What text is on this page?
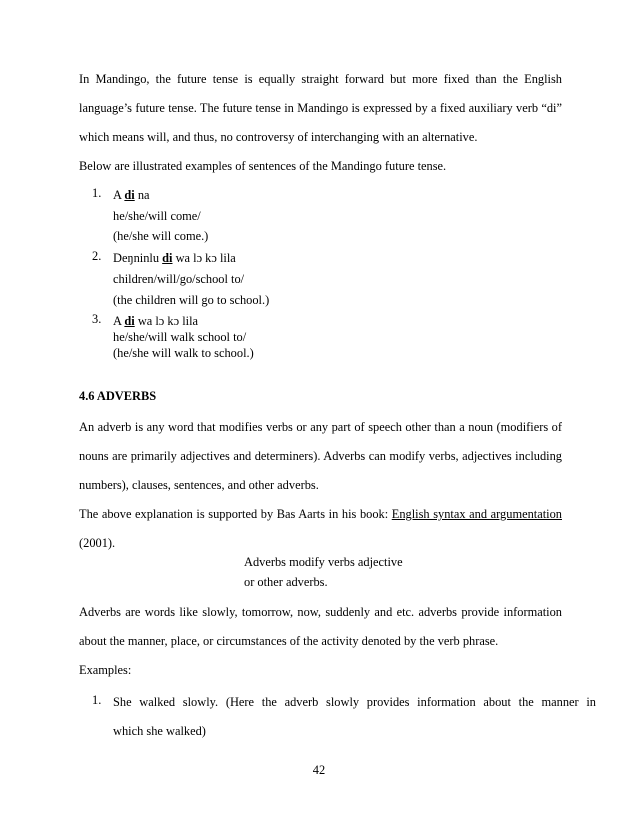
In Mandingo, the future tense is equally straight forward but more fixed than the English
language’s future tense. The future tense in Mandingo is expressed by a fixed auxiliary verb “di”
which means will, and thus, no controversy of interchanging with an alternative.
Below are illustrated examples of sentences of the Mandingo future tense.
1. A di na
he/she/will come/
(he/she will come.)
2. Deŋninlu di wa lɔ kɔ lila
children/will/go/school to/
(the children will go to school.)
3. A di wa lɔ kɔ lila
he/she/will walk school to/
(he/she will walk to school.)
4.6 ADVERBS
An adverb is any word that modifies verbs or any part of speech other than a noun (modifiers of
nouns are primarily adjectives and determiners). Adverbs can modify verbs, adjectives including
numbers), clauses, sentences, and other adverbs.
The above explanation is supported by Bas Aarts in his book: English syntax and argumentation
(2001).
Adverbs modify verbs adjective
or other adverbs.
Adverbs are words like slowly, tomorrow, now, suddenly and etc. adverbs provide information
about the manner, place, or circumstances of the activity denoted by the verb phrase.
Examples:
1. She walked slowly. (Here the adverb slowly provides information about the manner in
which she walked)
42
